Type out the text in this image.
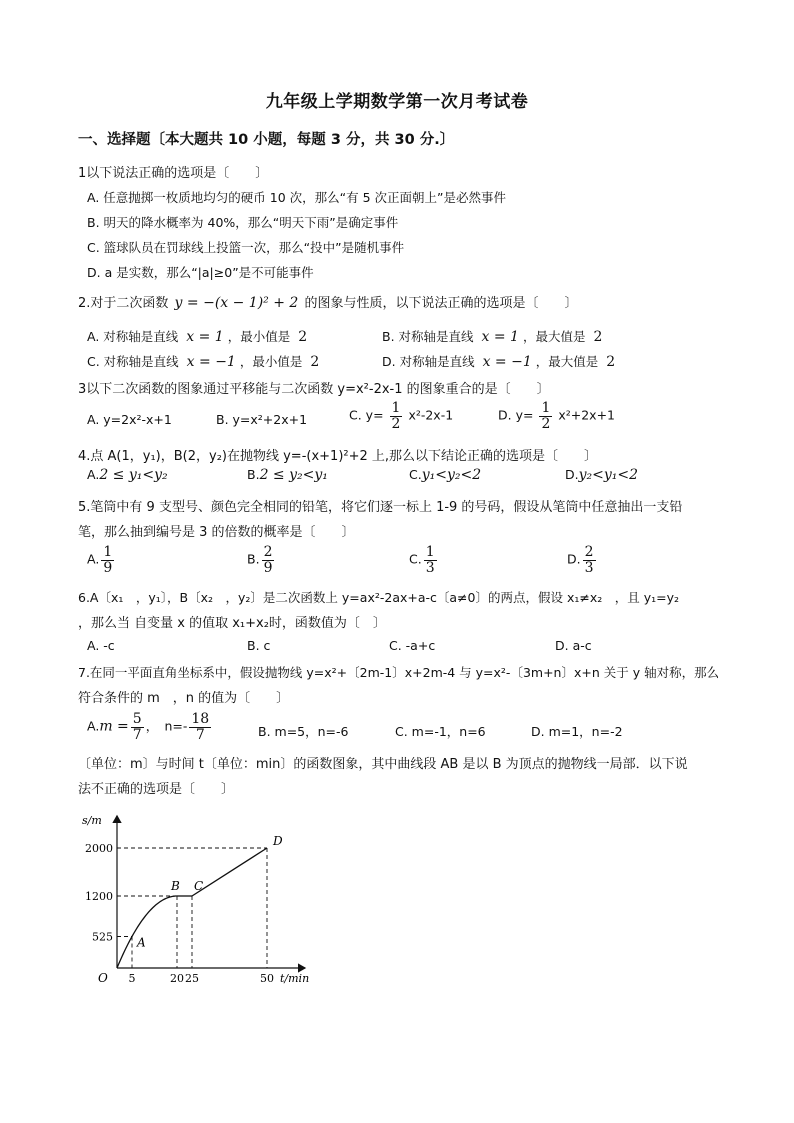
九年级上学期数学第一次月考试卷
一、选择题〔本大题共 10 小题，每题 3 分，共 30 分.〕
1以下说法正确的选项是〔　　〕
A. 任意抛掷一枚质地均匀的硬币 10 次，那么“有 5 次正面朝上”是必然事件
B. 明天的降水概率为 40%，那么“明天下雨”是确定事件
C. 篮球队员在罚球线上投篮一次，那么“投中”是随机事件
D. a 是实数，那么“|a|≥0”是不可能事件
2.对于二次函数 y = −(x − 1)² + 2 的图象与性质，以下说法正确的选项是〔　　〕
A. 对称轴是直线 x = 1 ，最小值是 2	B. 对称轴是直线 x = 1 ，最大值是 2
C. 对称轴是直线 x = −1 ，最小值是 2	D. 对称轴是直线 x = −1 ，最大值是 2
3以下二次函数的图象通过平移能与二次函数 y=x²-2x-1 的图象重合的是〔　　〕
A. y=2x²-x+1	B. y=x²+2x+1	C. $y= \frac{1}{2} x^2-2x-1$	D. $y= \frac{1}{2} x^2+2x+1$
4.点 A(1，y₁)，B(2，y₂)在抛物线 y=-(x+1)²+2 上,那么以下结论正确的选项是〔　　〕
A.2 ≤ y₁<y₂	B.2 ≤ y₂<y₁	C.y₁<y₂<2	D.y₂<y₁<2
5.笔筒中有 9 支型号、颜色完全相同的铅笔，将它们逐一标上 1-9 的号码，假设从笔筒中任意抽出一支铅
笔，那么抽到编号是 3 的倍数的概率是〔　　〕
A. $\frac{1}{9}$	B. $\frac{2}{9}$	C. $\frac{1}{3}$	D. $\frac{2}{3}$
6.A〔x₁　，y₁〕，B〔x₂　，y₂〕是二次函数上 y=ax²-2ax+a-c〔a≠0〕的两点，假设 x₁≠x₂　，且 y₁=y₂
，那么当 自变量 x 的值取 x₁+x₂时，函数值为〔　〕
A. -c	B. c	C. -a+c	D. a-c
7.在同一平面直角坐标系中，假设抛物线 y=x²+〔2m-1〕x+2m-4 与 y=x²-〔3m+n〕x+n 关于 y 轴对称，那么
符合条件的 m　，n 的值为〔　　〕
$A.m = \frac{5}{7}$ ，　$n=- \frac{18}{7}$	B. m=5，n=-6	C. m=-1，n=6	D. m=1，n=-2
〔单位：m〕与时间 t〔单位：min〕的函数图象，其中曲线段 AB 是以 B 为顶点的抛物线一局部．以下说
法不正确的选项是〔　　〕
s/m
t/min
O
2000
1200
525
5	20 25	50
A
B C
D
